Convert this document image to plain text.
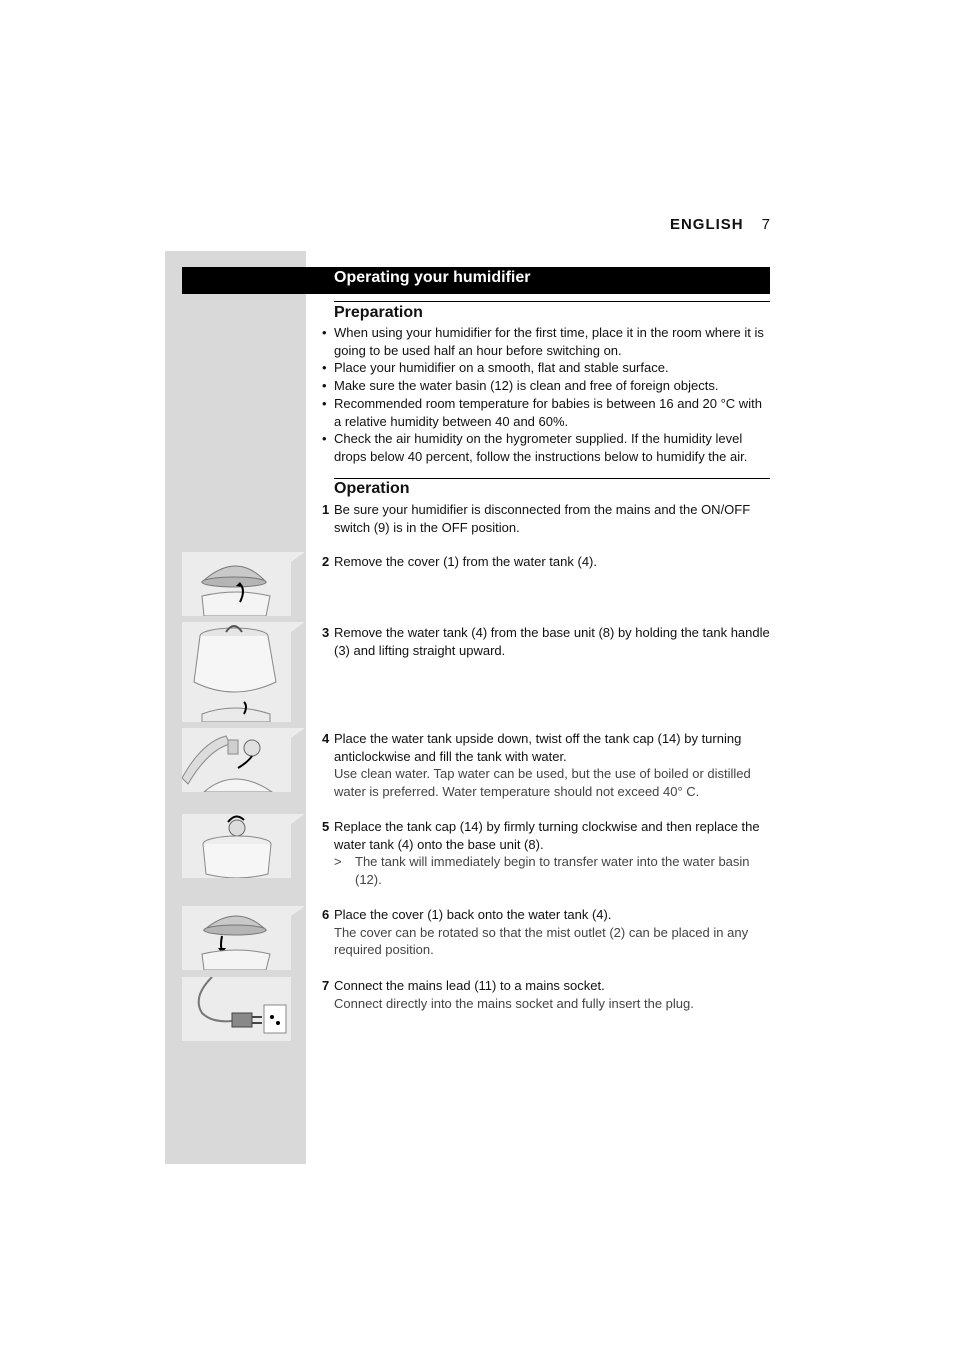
ENGLISH 7
Operating your humidifier
Preparation
• When using your humidifier for the first time, place it in the room where it is going to be used half an hour before switching on.
• Place your humidifier on a smooth, flat and stable surface.
• Make sure the water basin (12) is clean and free of foreign objects.
• Recommended room temperature for babies is between 16 and 20 °C with a relative humidity between 40 and 60%.
• Check the air humidity on the hygrometer supplied. If the humidity level drops below 40 percent, follow the instructions below to humidify the air.
Operation
1 Be sure your humidifier is disconnected from the mains and the ON/OFF switch (9) is in the OFF position.
2 Remove the cover (1) from the water tank (4).
3 Remove the water tank (4) from the base unit (8) by holding the tank handle (3) and lifting straight upward.
4 Place the water tank upside down, twist off the tank cap (14) by turning anticlockwise and fill the tank with water.
Use clean water. Tap water can be used, but the use of boiled or distilled water is preferred. Water temperature should not exceed 40° C.
5 Replace the tank cap (14) by firmly turning clockwise and then replace the water tank (4) onto the base unit (8).
> The tank will immediately begin to transfer water into the water basin (12).
6 Place the cover (1) back onto the water tank (4).
The cover can be rotated so that the mist outlet (2) can be placed in any required position.
7 Connect the mains lead (11) to a mains socket.
Connect directly into the mains socket and fully insert the plug.
